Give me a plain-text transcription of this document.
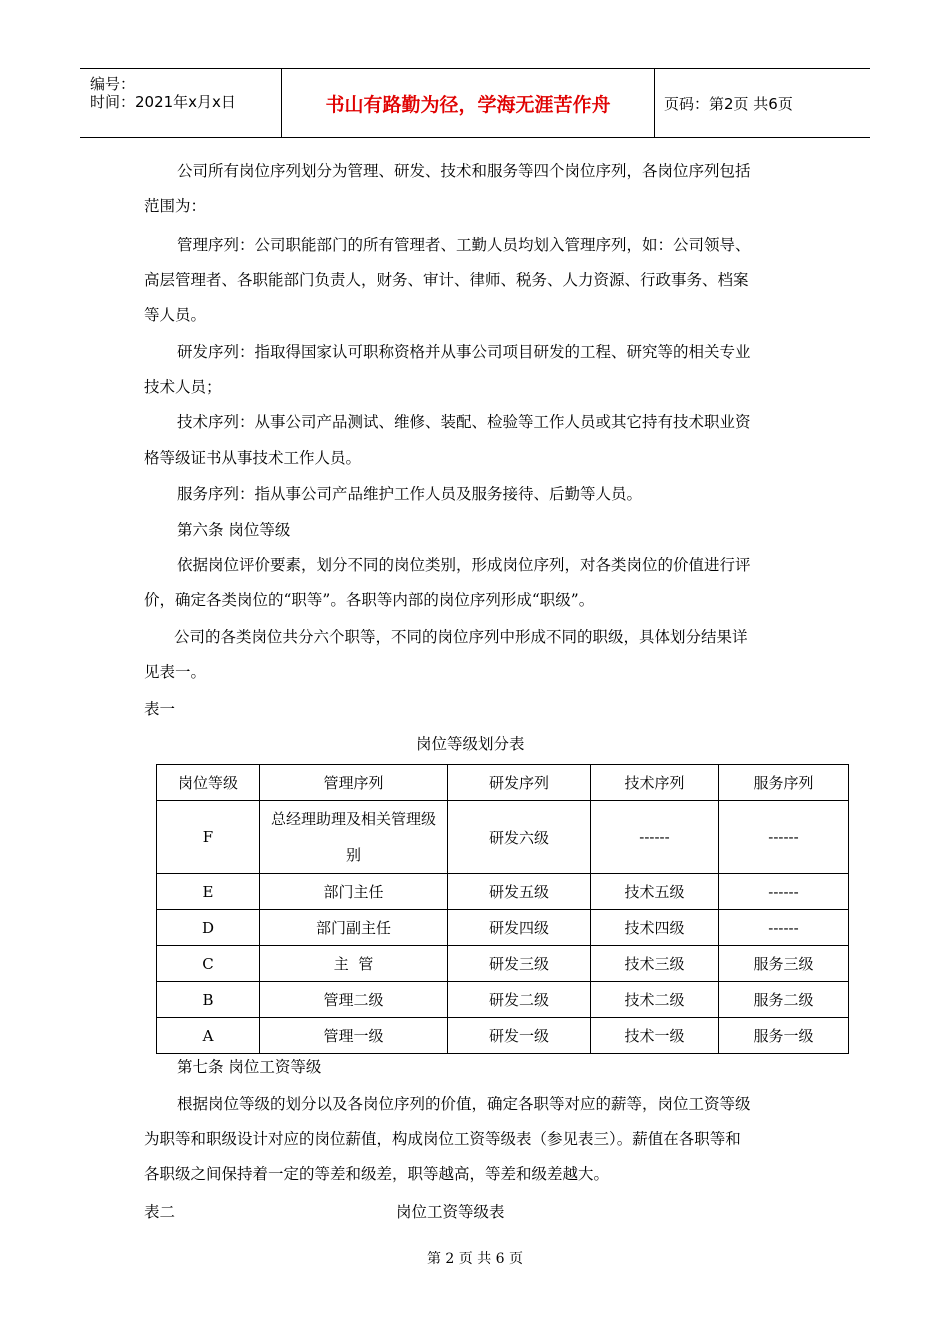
编号：
时间：2021年x月x日	书山有路勤为径，学海无涯苦作舟	页码：第2页 共6页
公司所有岗位序列划分为管理、研发、技术和服务等四个岗位序列，各岗位序列包括
范围为：
管理序列：公司职能部门的所有管理者、工勤人员均划入管理序列，如：公司领导、
高层管理者、各职能部门负责人，财务、审计、律师、税务、人力资源、行政事务、档案
等人员。
研发序列：指取得国家认可职称资格并从事公司项目研发的工程、研究等的相关专业
技术人员；
技术序列：从事公司产品测试、维修、装配、检验等工作人员或其它持有技术职业资
格等级证书从事技术工作人员。
服务序列：指从事公司产品维护工作人员及服务接待、后勤等人员。
第六条 岗位等级
依据岗位评价要素，划分不同的岗位类别，形成岗位序列，对各类岗位的价值进行评
价，确定各类岗位的“职等”。各职等内部的岗位序列形成“职级”。
公司的各类岗位共分六个职等，不同的岗位序列中形成不同的职级，具体划分结果详
见表一。
表一
岗位等级划分表
岗位等级	管理序列	研发序列	技术序列	服务序列
F	总经理助理及相关管理级别	研发六级	------	------
E	部门主任	研发五级	技术五级	------
D	部门副主任	研发四级	技术四级	------
C	主  管	研发三级	技术三级	服务三级
B	管理二级	研发二级	技术二级	服务二级
A	管理一级	研发一级	技术一级	服务一级
第七条 岗位工资等级
根据岗位等级的划分以及各岗位序列的价值，确定各职等对应的薪等，岗位工资等级
为职等和职级设计对应的岗位薪值，构成岗位工资等级表（参见表三）。薪值在各职等和
各职级之间保持着一定的等差和级差，职等越高，等差和级差越大。
表二	岗位工资等级表
第 2 页 共 6 页
